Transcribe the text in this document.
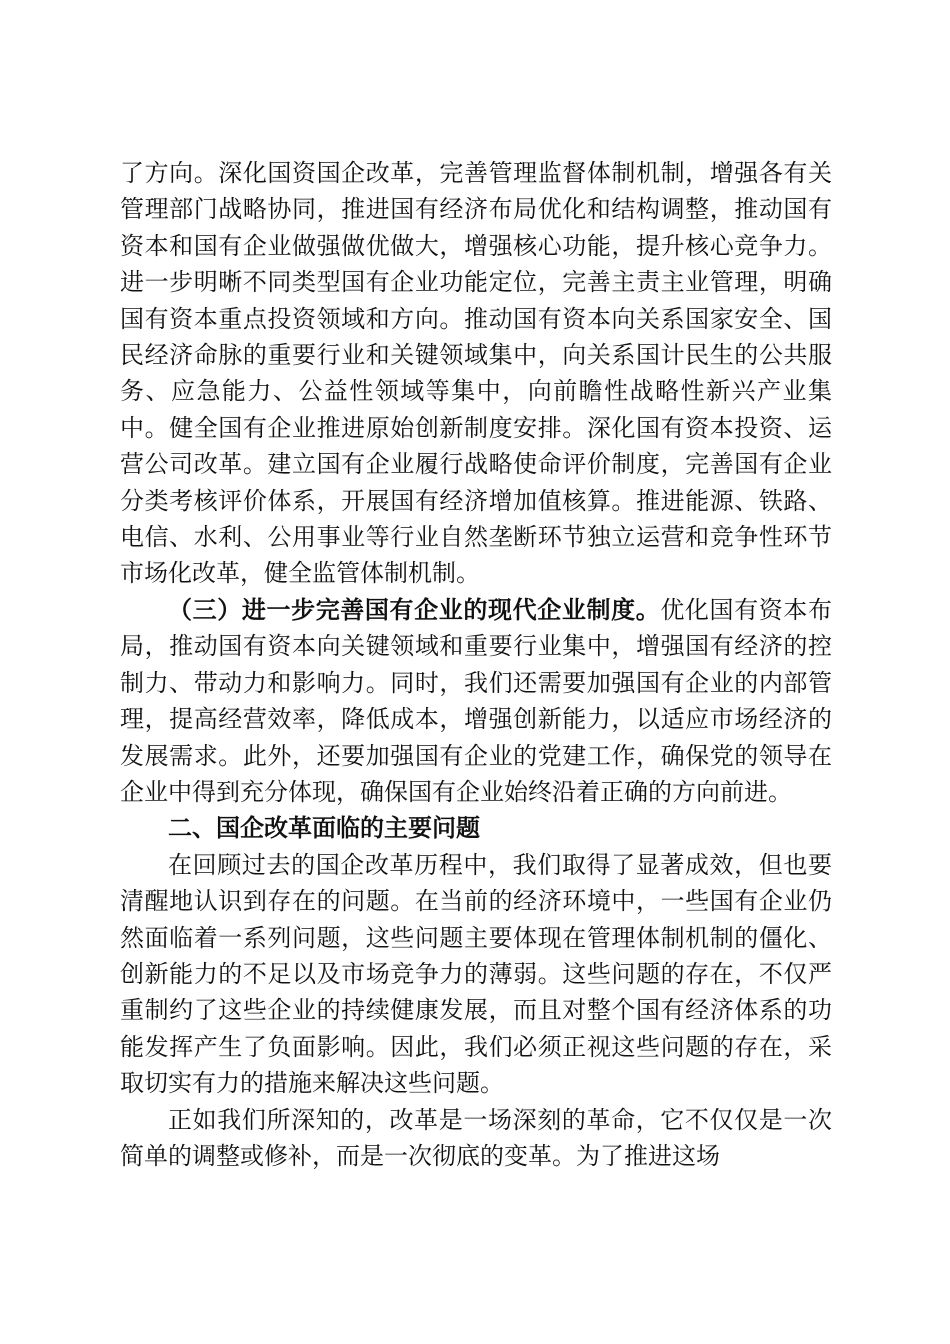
了方向。深化国资国企改革，完善管理监督体制机制，增强各有关管理部门战略协同，推进国有经济布局优化和结构调整，推动国有资本和国有企业做强做优做大，增强核心功能，提升核心竞争力。进一步明晰不同类型国有企业功能定位，完善主责主业管理，明确国有资本重点投资领域和方向。推动国有资本向关系国家安全、国民经济命脉的重要行业和关键领域集中，向关系国计民生的公共服务、应急能力、公益性领域等集中，向前瞻性战略性新兴产业集中。健全国有企业推进原始创新制度安排。深化国有资本投资、运营公司改革。建立国有企业履行战略使命评价制度，完善国有企业分类考核评价体系，开展国有经济增加值核算。推进能源、铁路、电信、水利、公用事业等行业自然垄断环节独立运营和竞争性环节市场化改革，健全监管体制机制。

（三）进一步完善国有企业的现代企业制度。优化国有资本布局，推动国有资本向关键领域和重要行业集中，增强国有经济的控制力、带动力和影响力。同时，我们还需要加强国有企业的内部管理，提高经营效率，降低成本，增强创新能力，以适应市场经济的发展需求。此外，还要加强国有企业的党建工作，确保党的领导在企业中得到充分体现，确保国有企业始终沿着正确的方向前进。

二、国企改革面临的主要问题

在回顾过去的国企改革历程中，我们取得了显著成效，但也要清醒地认识到存在的问题。在当前的经济环境中，一些国有企业仍然面临着一系列问题，这些问题主要体现在管理体制机制的僵化、创新能力的不足以及市场竞争力的薄弱。这些问题的存在，不仅严重制约了这些企业的持续健康发展，而且对整个国有经济体系的功能发挥产生了负面影响。因此，我们必须正视这些问题的存在，采取切实有力的措施来解决这些问题。

正如我们所深知的，改革是一场深刻的革命，它不仅仅是一次简单的调整或修补，而是一次彻底的变革。为了推进这场
